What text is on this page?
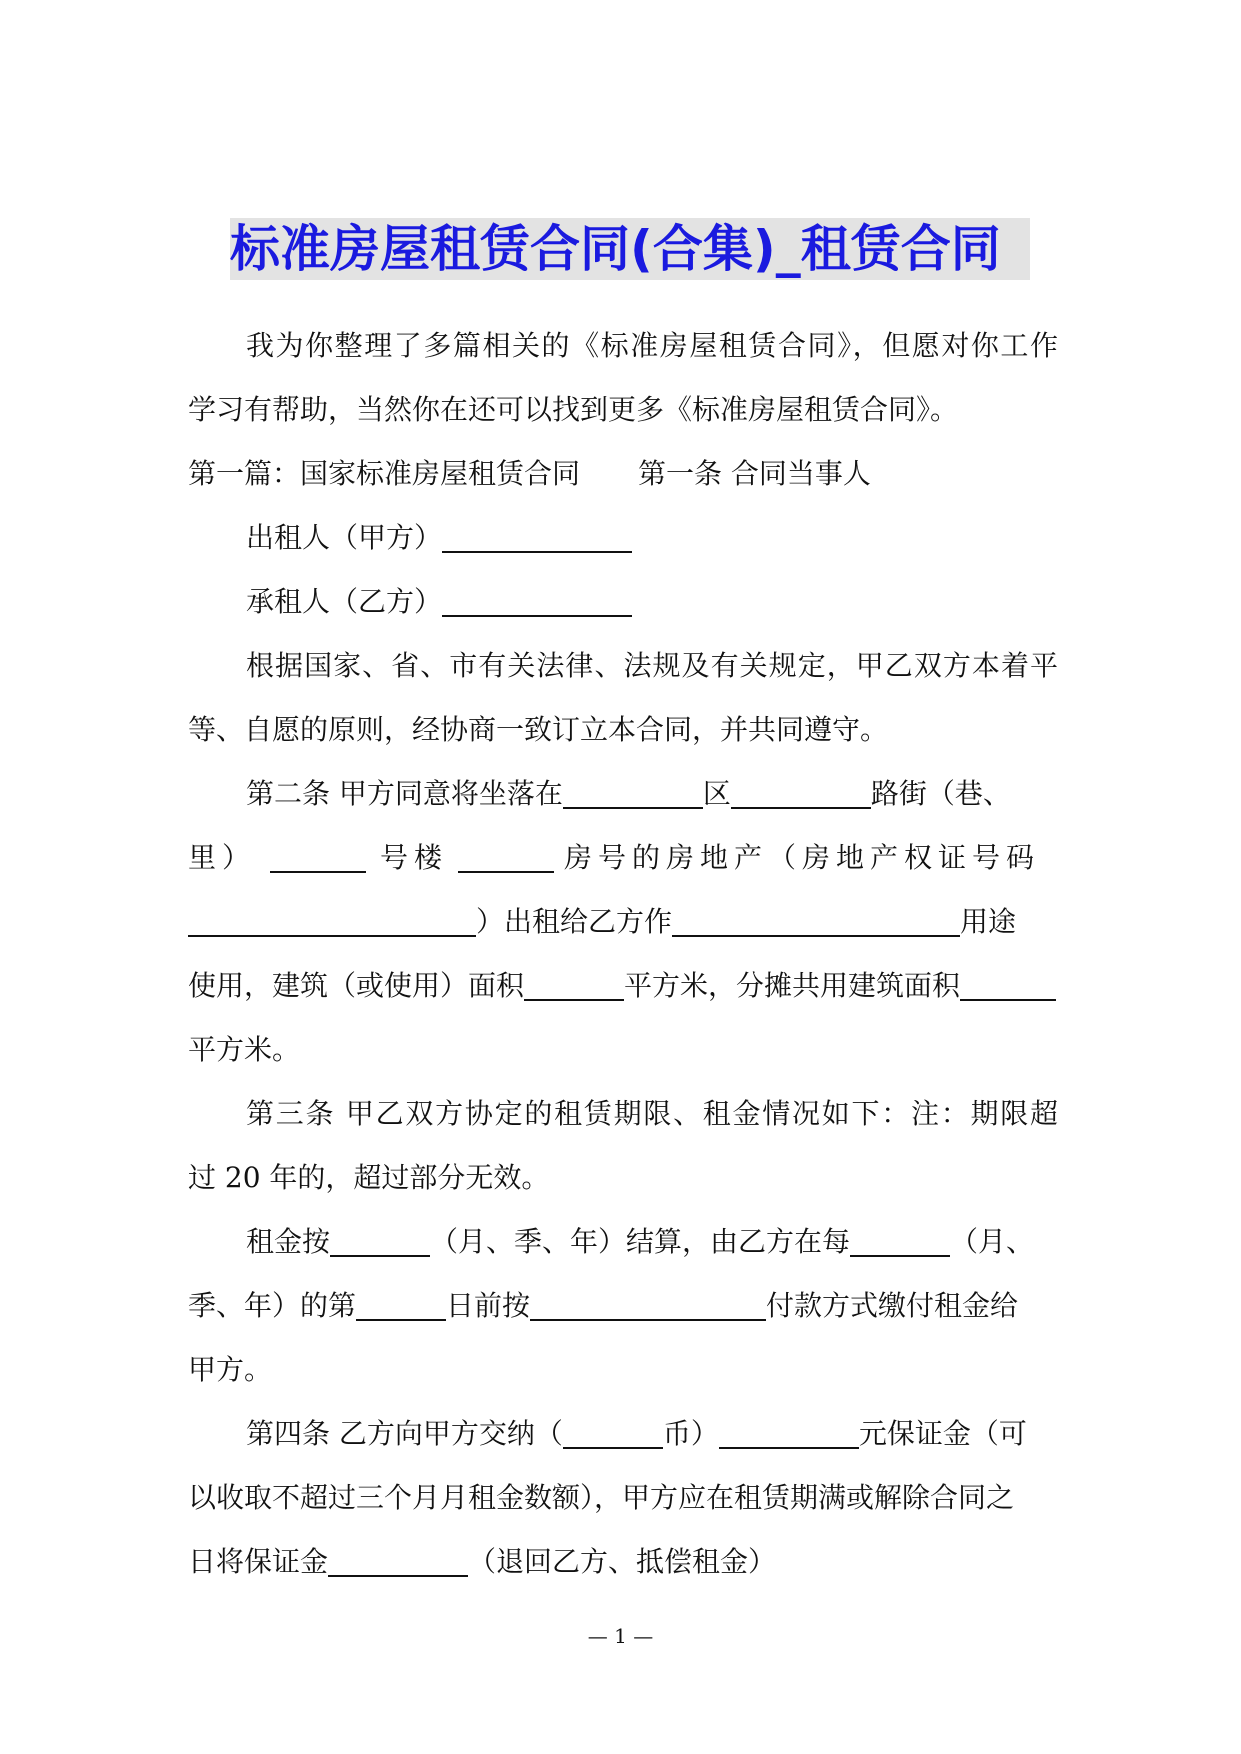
标准房屋租赁合同(合集)_租赁合同
我为你整理了多篇相关的《标准房屋租赁合同》，但愿对你工作
学习有帮助，当然你在还可以找到更多《标准房屋租赁合同》。
第一篇：国家标准房屋租赁合同 第一条 合同当事人
出租人（甲方）
承租人（乙方）
根据国家、省、市有关法律、法规及有关规定，甲乙双方本着平
等、自愿的原则，经协商一致订立本合同，并共同遵守。
第二条 甲方同意将坐落在	区	路街（巷、
里）	号楼	房号的房地产（房地产权证号码
）出租给乙方作	用途
使用，建筑（或使用）面积	平方米，分摊共用建筑面积
平方米。
第三条 甲乙双方协定的租赁期限、租金情况如下：注：期限超
过 20 年的，超过部分无效。
租金按	（月、季、年）结算，由乙方在每	（月、
季、年）的第	日前按	付款方式缴付租金给
甲方。
第四条 乙方向甲方交纳（	币）	元保证金（可
以收取不超过三个月月租金数额），甲方应在租赁期满或解除合同之
日将保证金	（退回乙方、抵偿租金）
— 1 —
